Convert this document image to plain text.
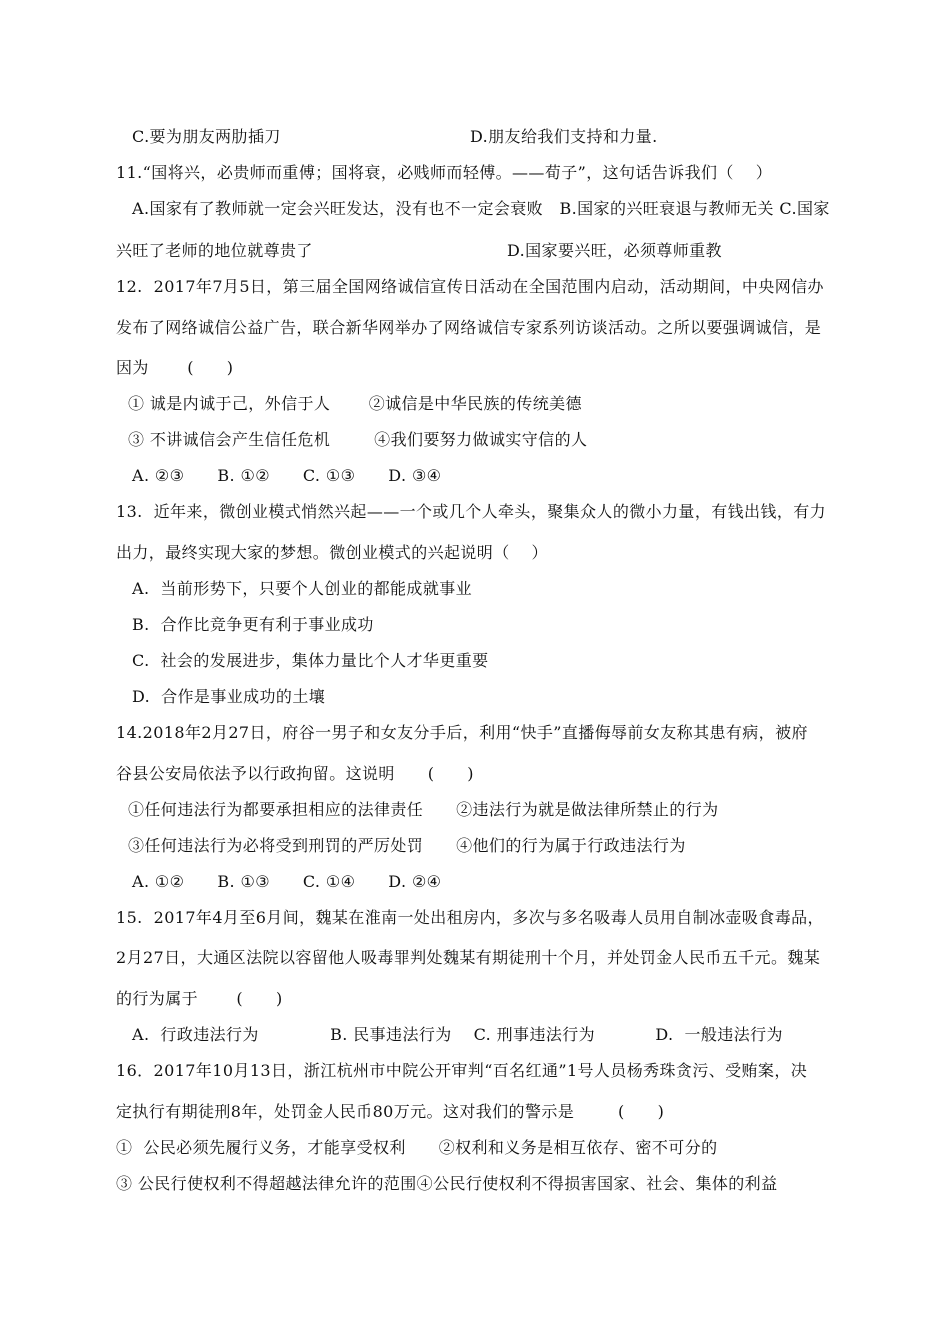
C.要为朋友两肋插刀	D.朋友给我们支持和力量.
11.“国将兴，必贵师而重傅；国将衰，必贱师而轻傅。——荀子”，这句话告诉我们（    ）
A.国家有了教师就一定会兴旺发达，没有也不一定会衰败   B.国家的兴旺衰退与教师无关 C.国家
兴旺了老师的地位就尊贵了	D.国家要兴旺，必须尊师重教
12.  2017年7月5日，第三届全国网络诚信宣传日活动在全国范围内启动，活动期间，中央网信办
发布了网络诚信公益广告，联合新华网举办了网络诚信专家系列访谈活动。之所以要强调诚信，是
因为       (      )
① 诚是内诚于己，外信于人       ②诚信是中华民族的传统美德
③ 不讲诚信会产生信任危机        ④我们要努力做诚实守信的人
A. ②③      B. ①②      C. ①③      D. ③④
13.  近年来，微创业模式悄然兴起——一个或几个人牵头，聚集众人的微小力量，有钱出钱，有力
出力，最终实现大家的梦想。微创业模式的兴起说明（    ）
A.  当前形势下，只要个人创业的都能成就事业
B.  合作比竞争更有利于事业成功
C.  社会的发展进步，集体力量比个人才华更重要
D.  合作是事业成功的土壤
14.2018年2月27日，府谷一男子和女友分手后，利用“快手”直播侮辱前女友称其患有病，被府
谷县公安局依法予以行政拘留。这说明      (      )
①任何违法行为都要承担相应的法律责任      ②违法行为就是做法律所禁止的行为
③任何违法行为必将受到刑罚的严厉处罚      ④他们的行为属于行政违法行为
A. ①②      B. ①③      C. ①④      D. ②④
15.  2017年4月至6月间，魏某在淮南一处出租房内，多次与多名吸毒人员用自制冰壶吸食毒品，
2月27日，大通区法院以容留他人吸毒罪判处魏某有期徒刑十个月，并处罚金人民币五千元。魏某
的行为属于       (      )
A.  行政违法行为             B. 民事违法行为    C. 刑事违法行为           D.  一般违法行为
16．2017年10月13日，浙江杭州市中院公开审判“百名红通”1号人员杨秀珠贪污、受贿案，决
定执行有期徒刑8年，处罚金人民币80万元。这对我们的警示是        (      )
①  公民必须先履行义务，才能享受权利      ②权利和义务是相互依存、密不可分的
③ 公民行使权利不得超越法律允许的范围④公民行使权利不得损害国家、社会、集体的利益
